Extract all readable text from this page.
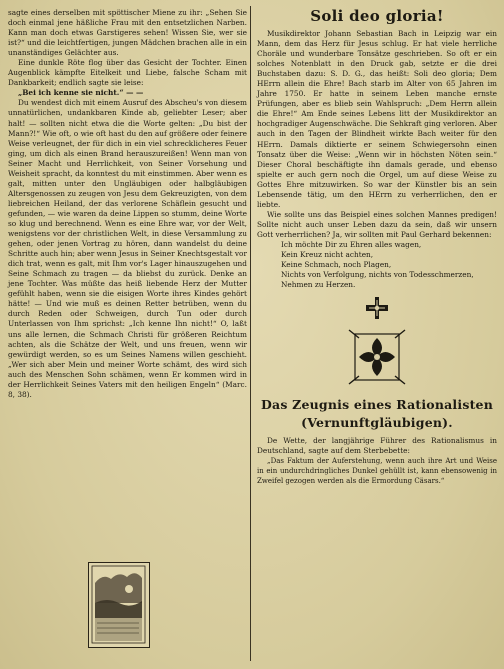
sagte eines derselben mit spöttischer Miene zu ihr: „Sehen Sie doch einmal jene häßliche Frau mit den entsetzlichen Narben. Kann man doch etwas Garstigeres sehen! Wissen Sie, wer sie ist?“ und die leichtfertigen, jungen Mädchen brachen alle in ein unanständiges Gelächter aus.

Eine dunkle Röte flog über das Gesicht der Tochter. Einen Augenblick kämpfte Eitelkeit und Liebe, falsche Scham mit Dankbarkeit; endlich sagte sie leise:

„Bei ich kenne sie nicht.“ — —

Du wendest dich mit einem Ausruf des Abscheu's von diesem unnatürlichen, undankbaren Kinde ab, geliebter Leser; aber halt! — sollten nicht etwa die die Worte gelten: „Du bist der Mann?!“ Wie oft, o wie oft hast du den auf größere oder feinere Weise verleugnet, der für dich in ein viel schrecklicheres Feuer ging, um dich als einen Brand herauszureißen! Wenn man von Seiner Macht und Herrlichkeit, von Seiner Vorsehung und Weisheit spracht, da konntest du mit einstimmen. Aber wenn es galt, mitten unter den Ungläubigen oder halbgläubigen Altersgenossen zu zeugen von Jesu dem Gekreuzigten, von dem liebreichen Heiland, der das verlorene Schäflein gesucht und gefunden, — wie waren da deine Lippen so stumm, deine Worte so klug und berechnend. Wenn es eine Ehre war, vor der Welt, wenigstens vor der christlichen Welt, in diese Versammlung zu gehen, oder jenen Vortrag zu hören, dann wandelst du deine Schritte auch hin; aber wenn Jesus in Seiner Knechtsgestalt vor dich trat, wenn es galt, mit Ihm vor's Lager hinauszugehen und Seine Schmach zu tragen — da bliebst du zurück. Denke an jene Tochter. Was müßte das heiß liebende Herz der Mutter gefühlt haben, wenn sie die eisigen Worte ihres Kindes gehört hätte! — Und wie muß es deinen Retter betrüben, wenn du durch Reden oder Schweigen, durch Tun oder durch Unterlassen von Ihm sprichst: „Ich kenne Ihn nicht!“ O, laßt uns alle lernen, die Schmach Christi für größeren Reichtum achten, als die Schätze der Welt, und uns freuen, wenn wir gewürdigt werden, so es um Seines Namens willen geschieht. „Wer sich aber Mein und meiner Worte schämt, des wird sich auch des Menschen Sohn schämen, wenn Er kommen wird in der Herrlichkeit Seines Vaters mit den heiligen Engeln“ (Marc. 8, 38).

Soli deo gloria!

Musikdirektor Johann Sebastian Bach in Leipzig war ein Mann, dem das Herz für Jesus schlug. Er hat viele herrliche Choräle und wunderbare Tonsätze geschrieben. So oft er ein solches Notenblatt in den Druck gab, setzte er die drei Buchstaben dazu: S. D. G., das heißt: Soli deo gloria; Dem HErrn allein die Ehre! Bach starb im Alter von 65 Jahren im Jahre 1750. Er hatte in seinem Leben manche ernste Prüfungen, aber es blieb sein Wahlspruch: „Dem Herrn allein die Ehre!“ Am Ende seines Lebens litt der Musikdirektor an hochgradiger Augenschwäche. Die Sehkraft ging verloren. Aber auch in den Tagen der Blindheit wirkte Bach weiter für den HErrn. Damals diktierte er seinem Schwiegersohn einen Tonsatz über die Weise: „Wenn wir in höchsten Nöten sein.“ Dieser Choral beschäftigte ihn damals gerade, und ebenso spielte er auch gern noch die Orgel, um auf diese Weise zu Gottes Ehre mitzuwirken. So war der Künstler bis an sein Lebensende tätig, um den HErrn zu verherrlichen, den er liebte.

Wie sollte uns das Beispiel eines solchen Mannes predigen! Sollte nicht auch unser Leben dazu da sein, daß wir unsern Gott verherrlichen? Ja, wir sollten mit Paul Gerhard bekennen:

Ich möchte Dir zu Ehren alles wagen,
Kein Kreuz nicht achten,
Keine Schmach, noch Plagen,
Nichts von Verfolgung, nichts von Todesschmerzen,
Nehmen zu Herzen.
Das Zeugnis eines Rationalisten
(Vernunftgläubigen).

De Wette, der langjährige Führer des Rationalismus in Deutschland, sagte auf dem Sterbebette:

„Das Faktum der Auferstehung, wenn auch ihre Art und Weise in ein undurchdringliches Dunkel gehüllt ist, kann ebensowenig in Zweifel gezogen werden als die Ermordung Cäsars.“
